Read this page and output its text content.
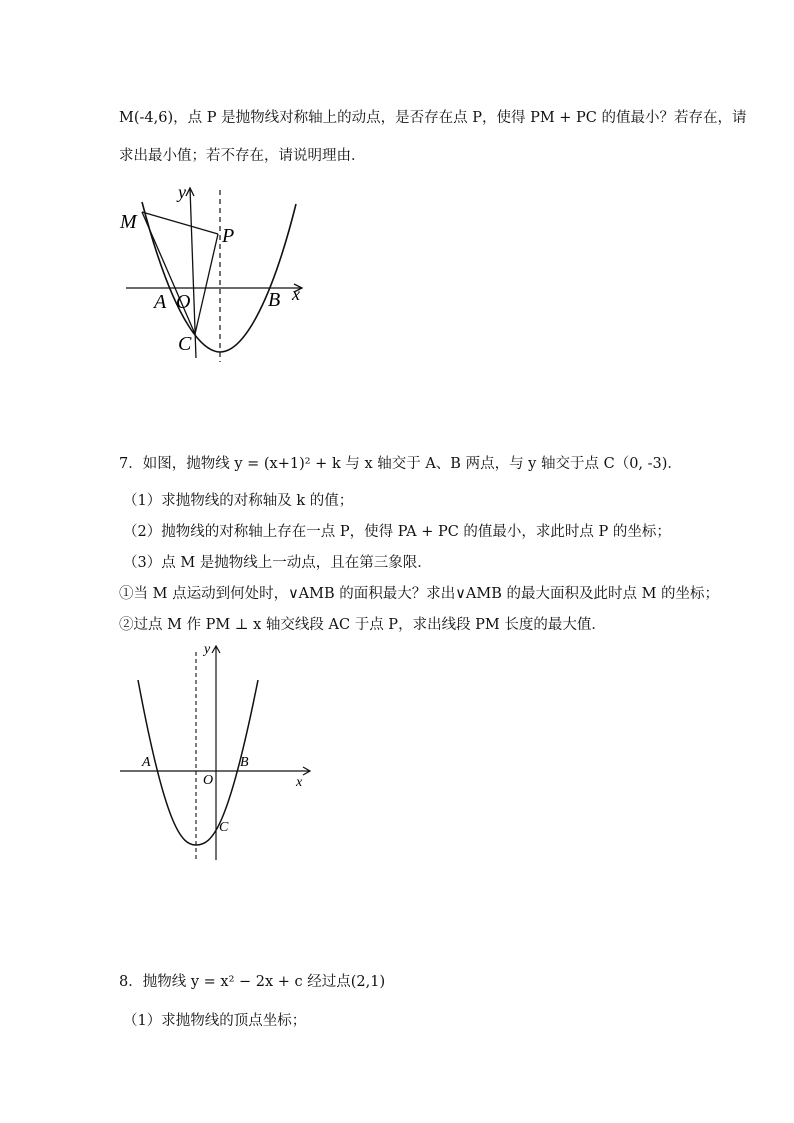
M(-4,6)，点 P 是抛物线对称轴上的动点，是否存在点 P，使得 PM + PC 的值最小？若存在，请
求出最小值；若不存在，请说明理由．
y
x
M
P
A O	B
C
7．如图，抛物线 y = (x+1)² + k 与 x 轴交于 A、B 两点，与 y 轴交于点 C（0, -3)．
（1）求抛物线的对称轴及 k 的值；
（2）抛物线的对称轴上存在一点 P，使得 PA + PC 的值最小，求此时点 P 的坐标；
（3）点 M 是抛物线上一动点，且在第三象限．
①当 M 点运动到何处时，∨AMB 的面积最大？求出∨AMB 的最大面积及此时点 M 的坐标；
②过点 M 作 PM ⊥ x 轴交线段 AC 于点 P，求出线段 PM 长度的最大值．
y
x
A
O
B
C
8．抛物线 y = x² − 2x + c 经过点(2,1)
（1）求抛物线的顶点坐标；
